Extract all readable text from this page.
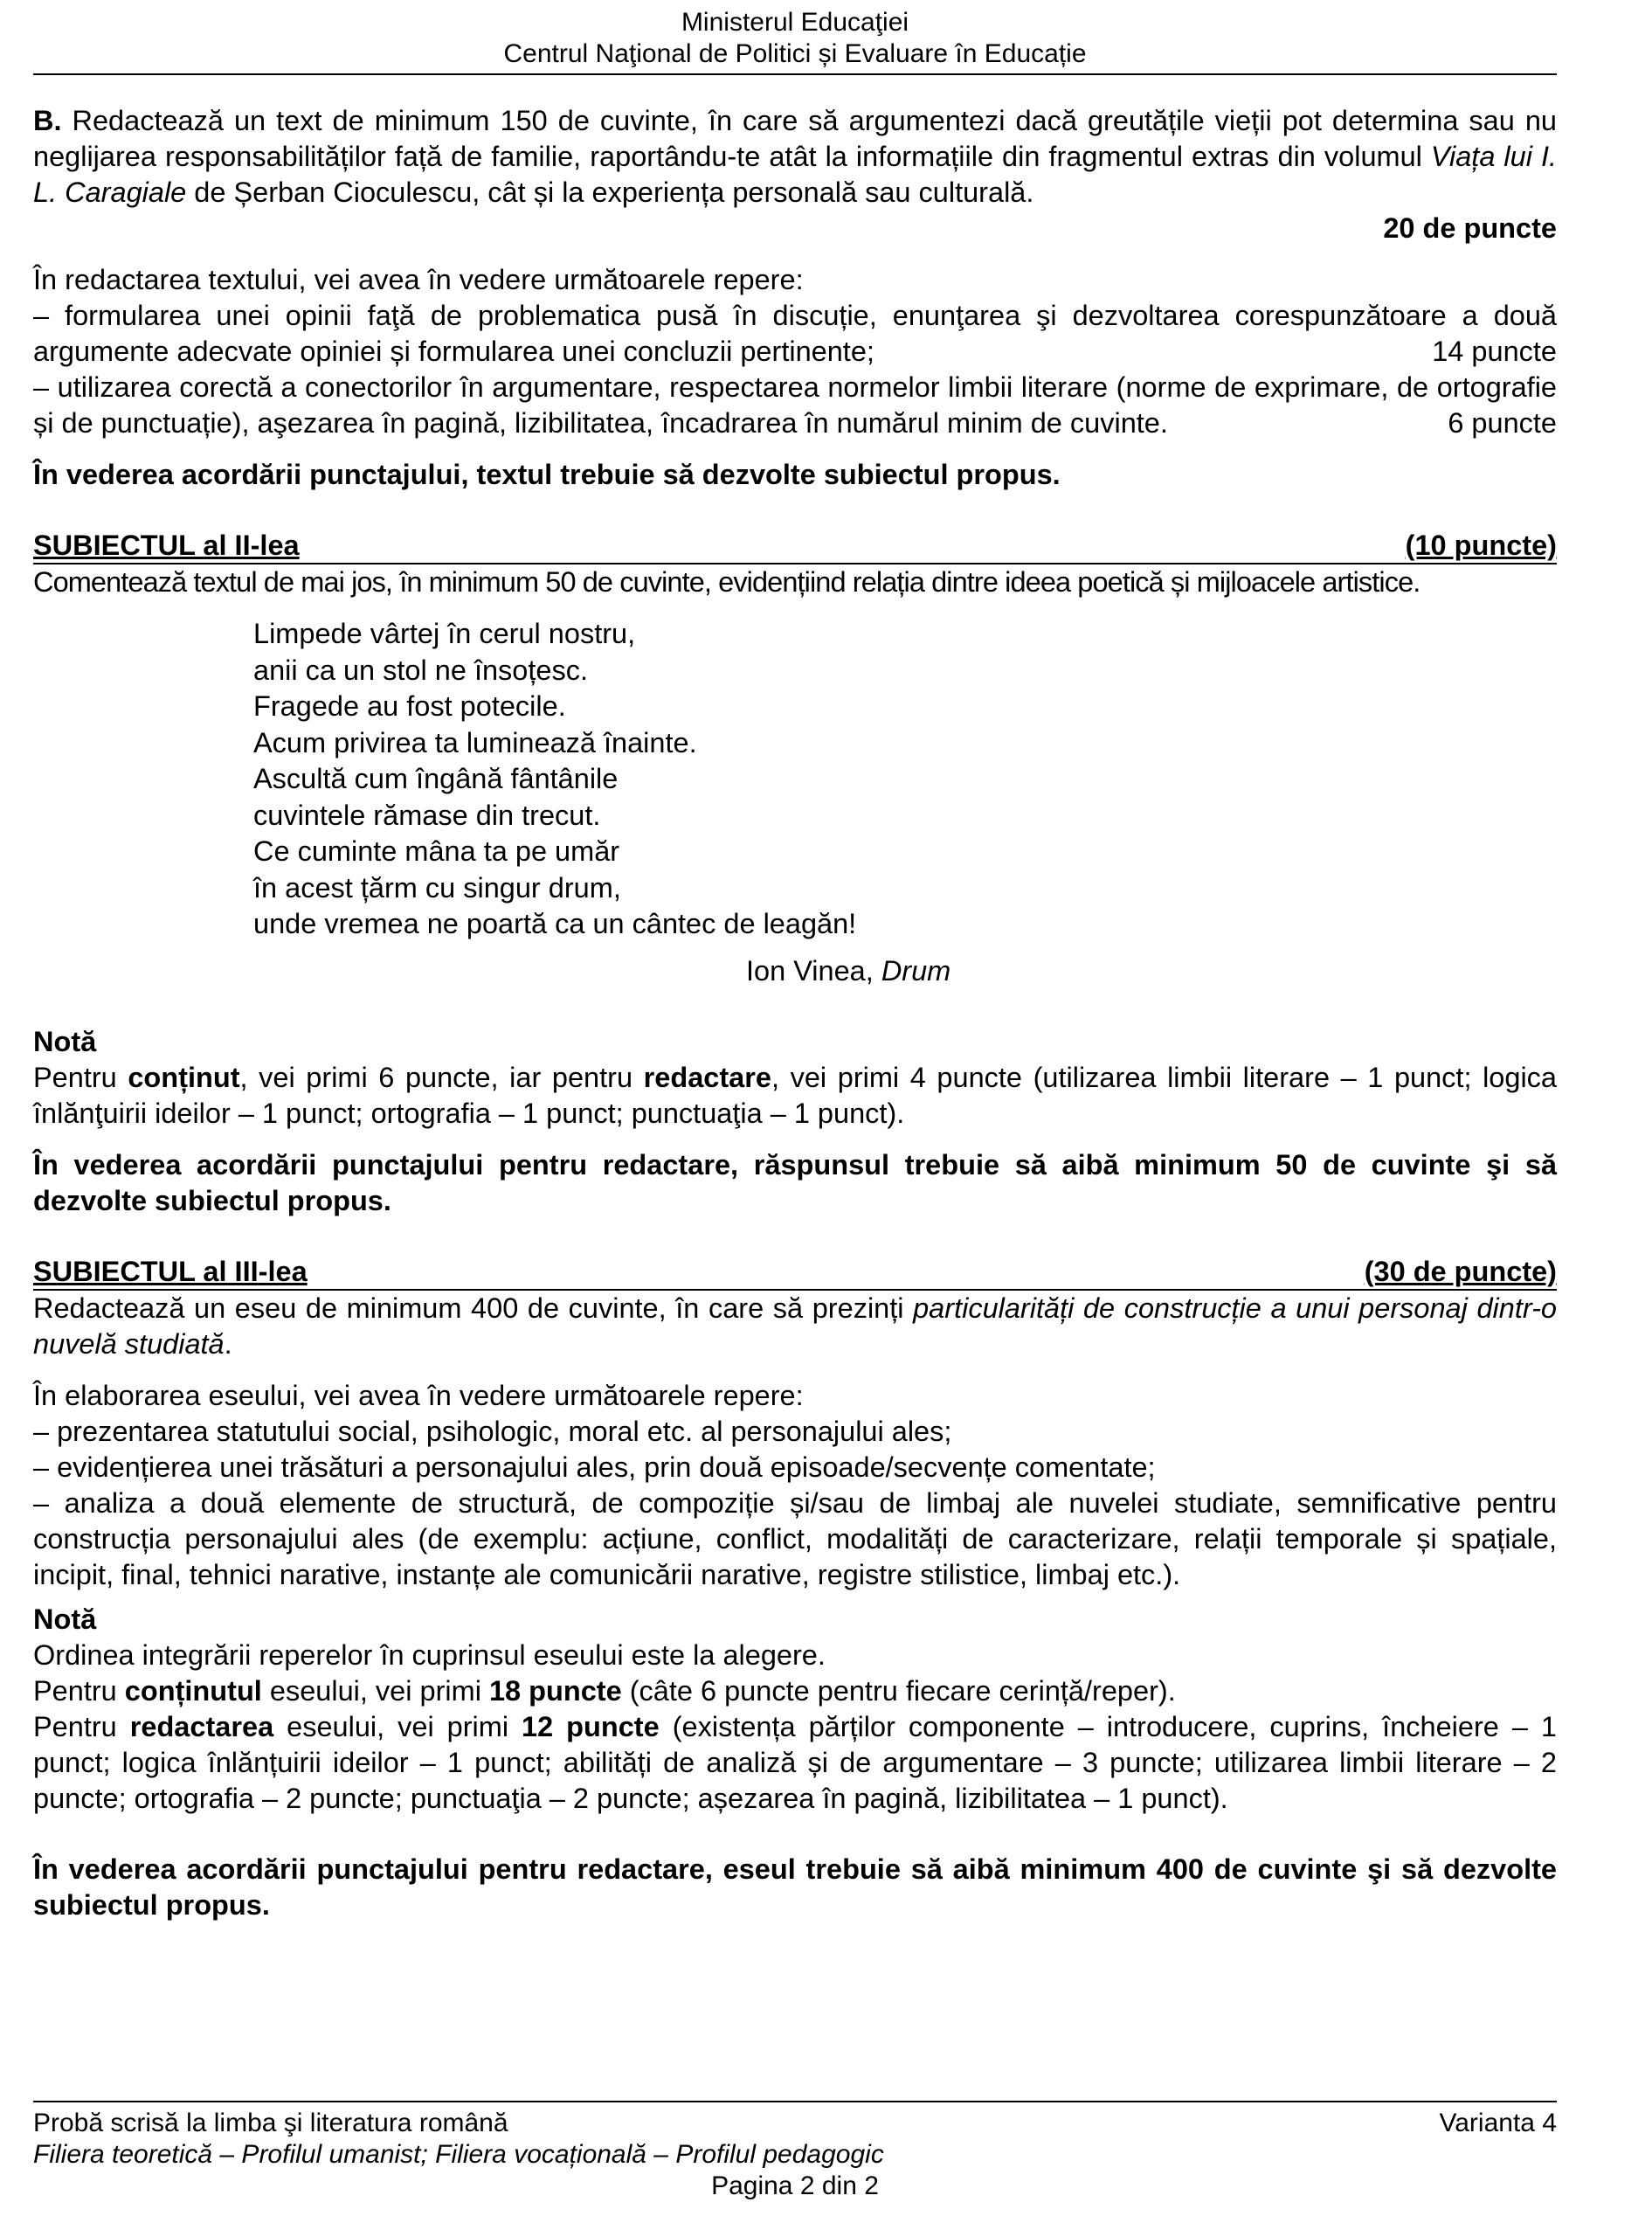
Ministerul Educaţiei
Centrul Naţional de Politici și Evaluare în Educație

B. Redactează un text de minimum 150 de cuvinte, în care să argumentezi dacă greutățile vieții pot determina sau nu neglijarea responsabilităților față de familie, raportându-te atât la informațiile din fragmentul extras din volumul Viața lui I. L. Caragiale de Șerban Cioculescu, cât și la experiența personală sau culturală.

20 de puncte

În redactarea textului, vei avea în vedere următoarele repere:

– formularea unei opinii faţă de problematica pusă în discuție, enunţarea şi dezvoltarea corespunzătoare a două argumente adecvate opiniei și formularea unei concluzii pertinente;	14 puncte

– utilizarea corectă a conectorilor în argumentare, respectarea normelor limbii literare (norme de exprimare, de ortografie și de punctuație), aşezarea în pagină, lizibilitatea, încadrarea în numărul minim de cuvinte.	6 puncte

În vederea acordării punctajului, textul trebuie să dezvolte subiectul propus.

SUBIECTUL al II-lea	(10 puncte)

Comentează textul de mai jos, în minimum 50 de cuvinte, evidențiind relația dintre ideea poetică și mijloacele artistice.

Limpede vârtej în cerul nostru,
anii ca un stol ne însoțesc.
Fragede au fost potecile.
Acum privirea ta luminează înainte.
Ascultă cum îngână fântânile
cuvintele rămase din trecut.
Ce cuminte mâna ta pe umăr
în acest țărm cu singur drum,
unde vremea ne poartă ca un cântec de leagăn!

Ion Vinea, Drum

Notă

Pentru conținut, vei primi 6 puncte, iar pentru redactare, vei primi 4 puncte (utilizarea limbii literare – 1 punct; logica înlănţuirii ideilor – 1 punct; ortografia – 1 punct; punctuaţia – 1 punct).

În vederea acordării punctajului pentru redactare, răspunsul trebuie să aibă minimum 50 de cuvinte şi să dezvolte subiectul propus.

SUBIECTUL al III-lea	(30 de puncte)

Redactează un eseu de minimum 400 de cuvinte, în care să prezinți particularități de construcție a unui personaj dintr-o nuvelă studiată.

În elaborarea eseului, vei avea în vedere următoarele repere:

– prezentarea statutului social, psihologic, moral etc. al personajului ales;

– evidențierea unei trăsături a personajului ales, prin două episoade/secvențe comentate;

– analiza a două elemente de structură, de compoziție și/sau de limbaj ale nuvelei studiate, semnificative pentru construcția personajului ales (de exemplu: acțiune, conflict, modalități de caracterizare, relații temporale și spațiale, incipit, final, tehnici narative, instanțe ale comunicării narative, registre stilistice, limbaj etc.).

Notă

Ordinea integrării reperelor în cuprinsul eseului este la alegere.

Pentru conținutul eseului, vei primi 18 puncte (câte 6 puncte pentru fiecare cerință/reper).

Pentru redactarea eseului, vei primi 12 puncte (existența părților componente – introducere, cuprins, încheiere – 1 punct; logica înlănțuirii ideilor – 1 punct; abilități de analiză și de argumentare – 3 puncte; utilizarea limbii literare – 2 puncte; ortografia – 2 puncte; punctuaţia – 2 puncte; așezarea în pagină, lizibilitatea – 1 punct).

În vederea acordării punctajului pentru redactare, eseul trebuie să aibă minimum 400 de cuvinte şi să dezvolte subiectul propus.

Probă scrisă la limba şi literatura română	Varianta 4
Filiera teoretică – Profilul umanist; Filiera vocațională – Profilul pedagogic
Pagina 2 din 2
